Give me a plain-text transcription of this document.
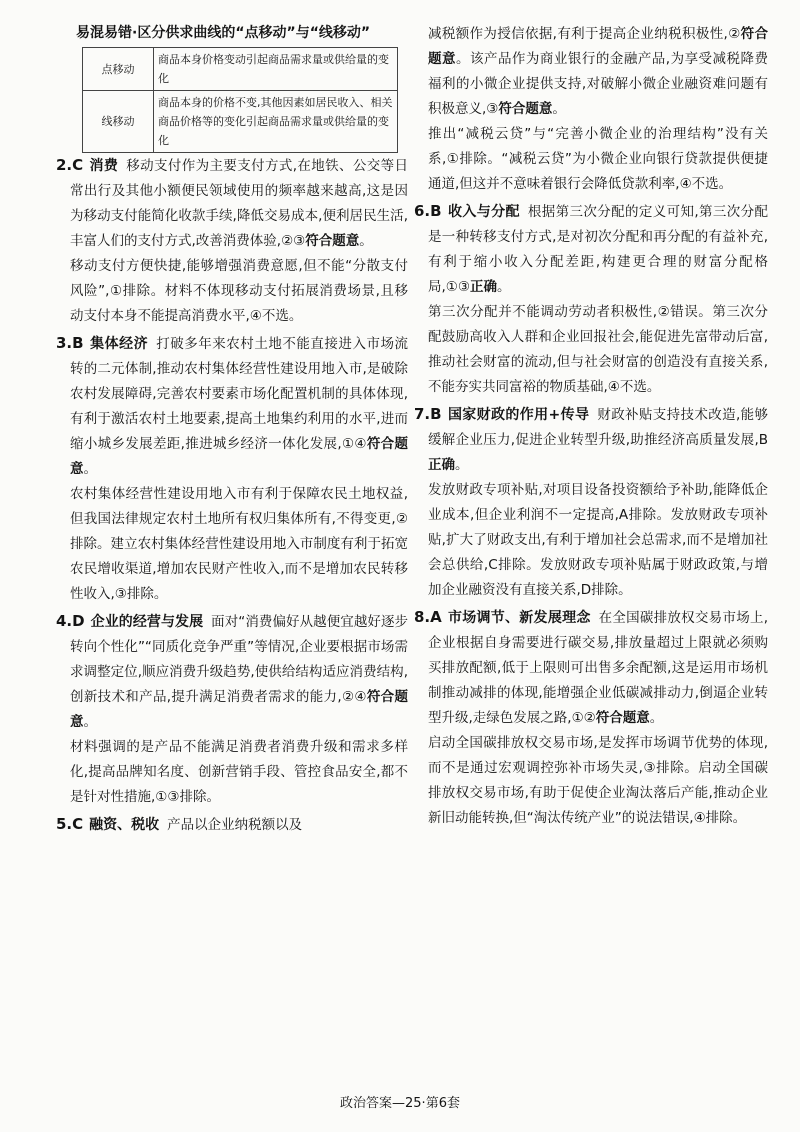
易混易错·区分供求曲线的“点移动”与“线移动”
点移动	商品本身价格变动引起商品需求量或供给量的变化
线移动	商品本身的价格不变,其他因素如居民收入、相关商品价格等的变化引起商品需求量或供给量的变化
2.C 消费 移动支付作为主要支付方式,在地铁、公交等日常出行及其他小额便民领域使用的频率越来越高,这是因为移动支付能简化收款手续,降低交易成本,便利居民生活,丰富人们的支付方式,改善消费体验,②③符合题意。
移动支付方便快捷,能够增强消费意愿,但不能“分散支付风险”,①排除。材料不体现移动支付拓展消费场景,且移动支付本身不能提高消费水平,④不选。
3.B 集体经济 打破多年来农村土地不能直接进入市场流转的二元体制,推动农村集体经营性建设用地入市,是破除农村发展障碍,完善农村要素市场化配置机制的具体体现,有利于激活农村土地要素,提高土地集约利用的水平,进而缩小城乡发展差距,推进城乡经济一体化发展,①④符合题意。
农村集体经营性建设用地入市有利于保障农民土地权益,但我国法律规定农村土地所有权归集体所有,不得变更,②排除。建立农村集体经营性建设用地入市制度有利于拓宽农民增收渠道,增加农民财产性收入,而不是增加农民转移性收入,③排除。
4.D 企业的经营与发展 面对“消费偏好从越便宜越好逐步转向个性化”“同质化竞争严重”等情况,企业要根据市场需求调整定位,顺应消费升级趋势,使供给结构适应消费结构,创新技术和产品,提升满足消费者需求的能力,②④符合题意。
材料强调的是产品不能满足消费者消费升级和需求多样化,提高品牌知名度、创新营销手段、管控食品安全,都不是针对性措施,①③排除。
5.C 融资、税收 产品以企业纳税额以及
减税额作为授信依据,有利于提高企业纳税积极性,②符合题意。该产品作为商业银行的金融产品,为享受减税降费福利的小微企业提供支持,对破解小微企业融资难问题有积极意义,③符合题意。
推出“减税云贷”与“完善小微企业的治理结构”没有关系,①排除。“减税云贷”为小微企业向银行贷款提供便捷通道,但这并不意味着银行会降低贷款利率,④不选。
6.B 收入与分配 根据第三次分配的定义可知,第三次分配是一种转移支付方式,是对初次分配和再分配的有益补充,有利于缩小收入分配差距,构建更合理的财富分配格局,①③正确。
第三次分配并不能调动劳动者积极性,②错误。第三次分配鼓励高收入人群和企业回报社会,能促进先富带动后富,推动社会财富的流动,但与社会财富的创造没有直接关系,不能夯实共同富裕的物质基础,④不选。
7.B 国家财政的作用+传导 财政补贴支持技术改造,能够缓解企业压力,促进企业转型升级,助推经济高质量发展,B正确。
发放财政专项补贴,对项目设备投资额给予补助,能降低企业成本,但企业利润不一定提高,A排除。发放财政专项补贴,扩大了财政支出,有利于增加社会总需求,而不是增加社会总供给,C排除。发放财政专项补贴属于财政政策,与增加企业融资没有直接关系,D排除。
8.A 市场调节、新发展理念 在全国碳排放权交易市场上,企业根据自身需要进行碳交易,排放量超过上限就必须购买排放配额,低于上限则可出售多余配额,这是运用市场机制推动减排的体现,能增强企业低碳减排动力,倒逼企业转型升级,走绿色发展之路,①②符合题意。
启动全国碳排放权交易市场,是发挥市场调节优势的体现,而不是通过宏观调控弥补市场失灵,③排除。启动全国碳排放权交易市场,有助于促使企业淘汰落后产能,推动企业新旧动能转换,但“淘汰传统产业”的说法错误,④排除。
政治答案—25·第6套
